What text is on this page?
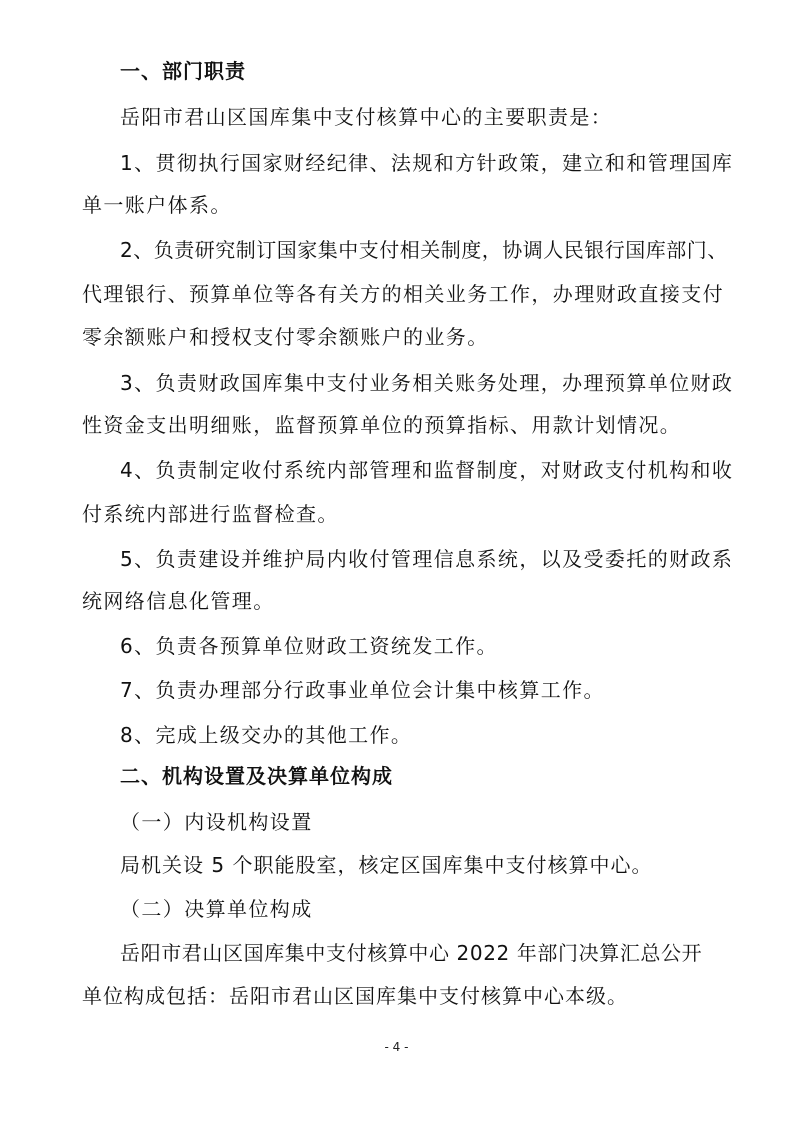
一、部门职责
岳阳市君山区国库集中支付核算中心的主要职责是：
1、贯彻执行国家财经纪律、法规和方针政策，建立和和管理国库
单一账户体系。
2、负责研究制订国家集中支付相关制度，协调人民银行国库部门、
代理银行、预算单位等各有关方的相关业务工作，办理财政直接支付
零余额账户和授权支付零余额账户的业务。
3、负责财政国库集中支付业务相关账务处理，办理预算单位财政
性资金支出明细账，监督预算单位的预算指标、用款计划情况。
4、负责制定收付系统内部管理和监督制度，对财政支付机构和收
付系统内部进行监督检查。
5、负责建设并维护局内收付管理信息系统，以及受委托的财政系
统网络信息化管理。
6、负责各预算单位财政工资统发工作。
7、负责办理部分行政事业单位会计集中核算工作。
8、完成上级交办的其他工作。
二、机构设置及决算单位构成
（一）内设机构设置
局机关设 5 个职能股室，核定区国库集中支付核算中心。
（二）决算单位构成
岳阳市君山区国库集中支付核算中心 2022 年部门决算汇总公开
单位构成包括：岳阳市君山区国库集中支付核算中心本级。
- 4 -
